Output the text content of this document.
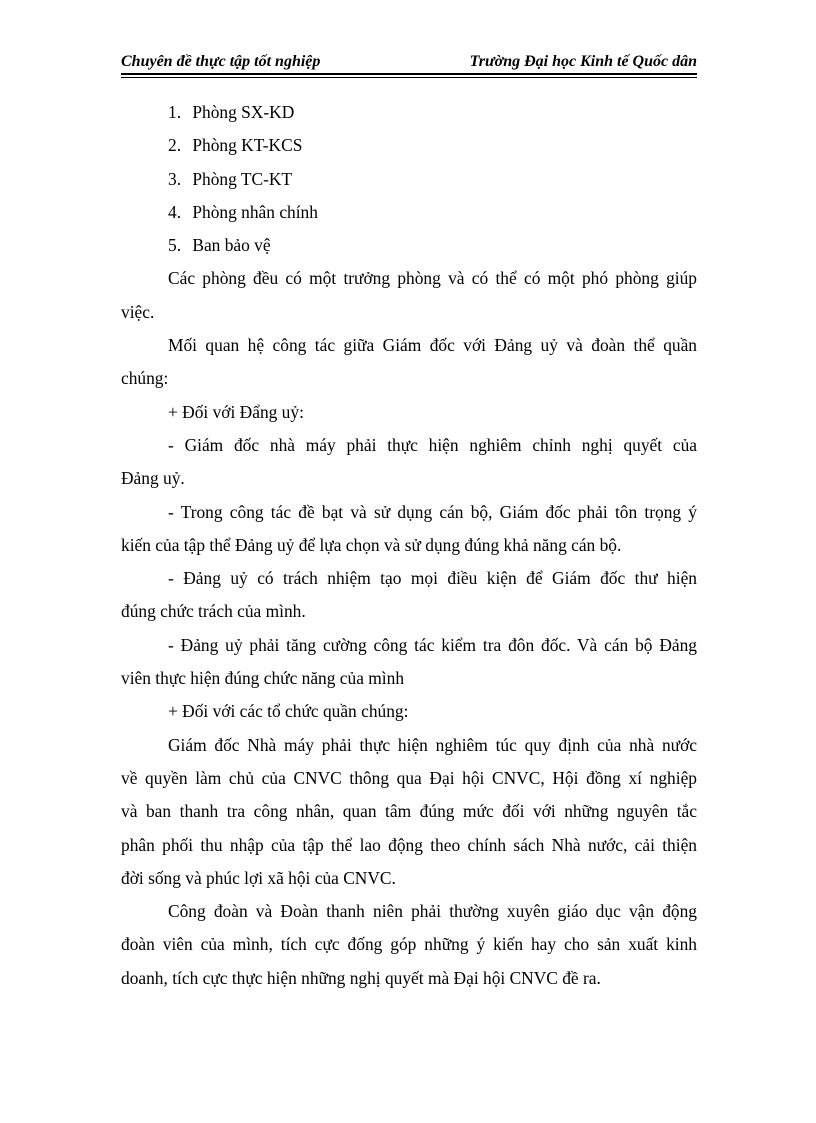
Chuyên đề thực tập tốt nghiệp	Trường Đại học Kinh tế Quốc dân
1. Phòng SX-KD
2. Phòng KT-KCS
3. Phòng TC-KT
4. Phòng nhân chính
5. Ban bảo vệ
Các phòng đều có một trưởng phòng và có thể có một phó phòng giúp
việc.
Mối quan hệ công tác giữa Giám đốc với Đảng uỷ và đoàn thể quần
chúng:
+ Đối với Đẩng uỷ:
- Giám đốc nhà máy phải thực hiện nghiêm chỉnh nghị quyết của
Đảng uỷ.
- Trong công tác đề bạt và sử dụng cán bộ, Giám đốc phải tôn trọng ý
kiến của tập thể Đảng uỷ để lựa chọn và sử dụng đúng khả năng cán bộ.
- Đảng uỷ có trách nhiệm tạo mọi điều kiện để Giám đốc thư hiện
đúng chức trách của mình.
- Đảng uỷ phải tăng cường công tác kiểm tra đôn đốc. Và cán bộ Đảng
viên thực hiện đúng chức năng của mình
+ Đối với các tổ chức quần chúng:
Giám đốc Nhà máy phải thực hiện nghiêm túc quy định của nhà nước
về quyền làm chủ của CNVC thông qua Đại hội CNVC, Hội đồng xí nghiệp
và ban thanh tra công nhân, quan tâm đúng mức đối với những nguyên tắc
phân phối thu nhập của tập thể lao động theo chính sách Nhà nước, cải thiện
đời sống và phúc lợi xã hội của CNVC.
Công đoàn và Đoàn thanh niên phải thường xuyên giáo dục vận động
đoàn viên của mình, tích cực đống góp những ý kiến hay cho sản xuất kinh
doanh, tích cực thực hiện những nghị quyết mà Đại hội CNVC đề ra.
